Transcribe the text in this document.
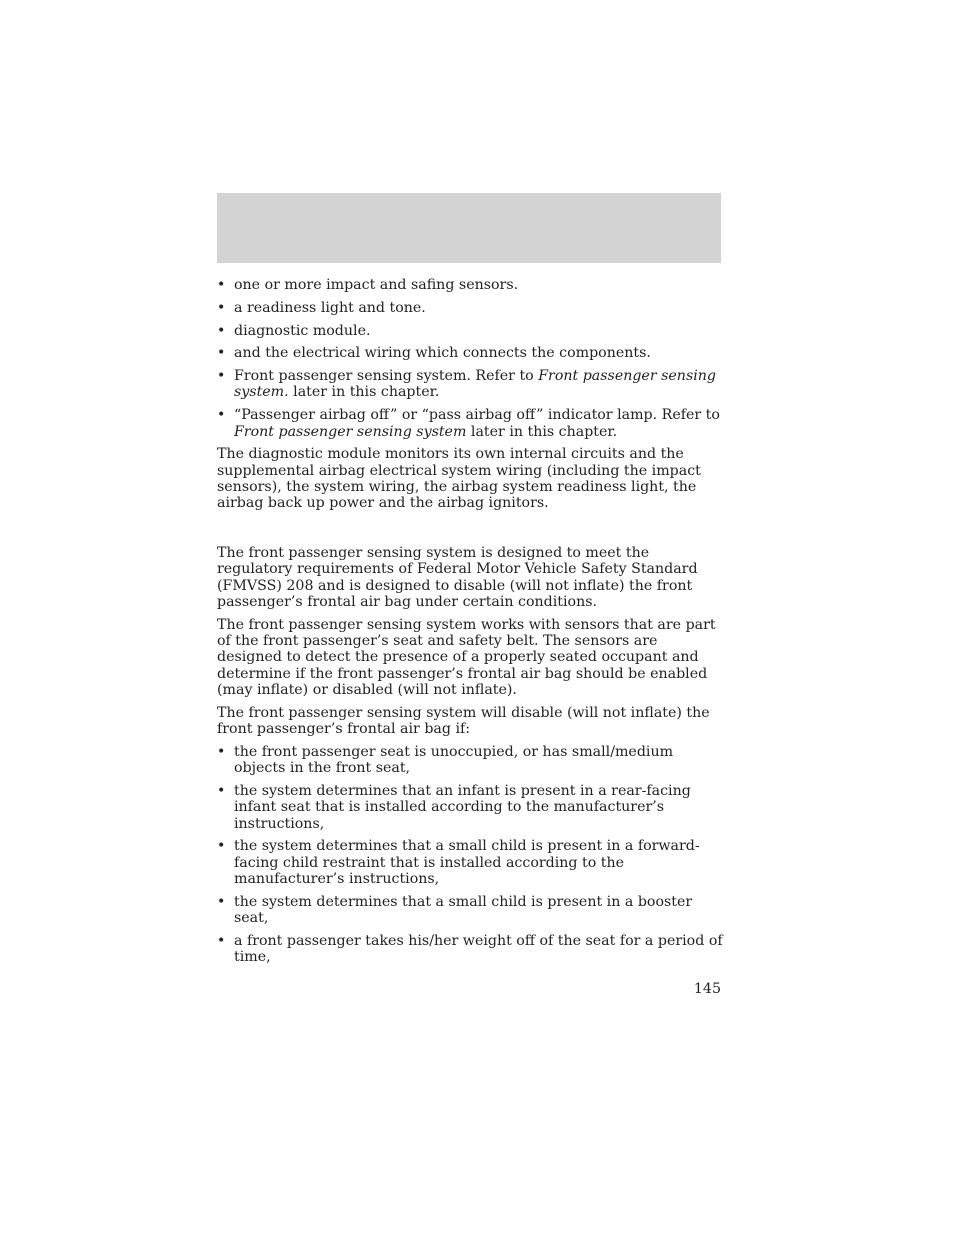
• one or more impact and safing sensors.
• a readiness light and tone.
• diagnostic module.
• and the electrical wiring which connects the components.
• Front passenger sensing system. Refer to Front passenger sensing system. later in this chapter.
• “Passenger airbag off” or “pass airbag off” indicator lamp. Refer to Front passenger sensing system later in this chapter.

The diagnostic module monitors its own internal circuits and the supplemental airbag electrical system wiring (including the impact sensors), the system wiring, the airbag system readiness light, the airbag back up power and the airbag ignitors.

The front passenger sensing system is designed to meet the regulatory requirements of Federal Motor Vehicle Safety Standard (FMVSS) 208 and is designed to disable (will not inflate) the front passenger’s frontal air bag under certain conditions.

The front passenger sensing system works with sensors that are part of the front passenger’s seat and safety belt. The sensors are designed to detect the presence of a properly seated occupant and determine if the front passenger’s frontal air bag should be enabled (may inflate) or disabled (will not inflate).

The front passenger sensing system will disable (will not inflate) the front passenger’s frontal air bag if:

• the front passenger seat is unoccupied, or has small/medium objects in the front seat,
• the system determines that an infant is present in a rear-facing infant seat that is installed according to the manufacturer’s instructions,
• the system determines that a small child is present in a forward-facing child restraint that is installed according to the manufacturer’s instructions,
• the system determines that a small child is present in a booster seat,
• a front passenger takes his/her weight off of the seat for a period of time,
145
